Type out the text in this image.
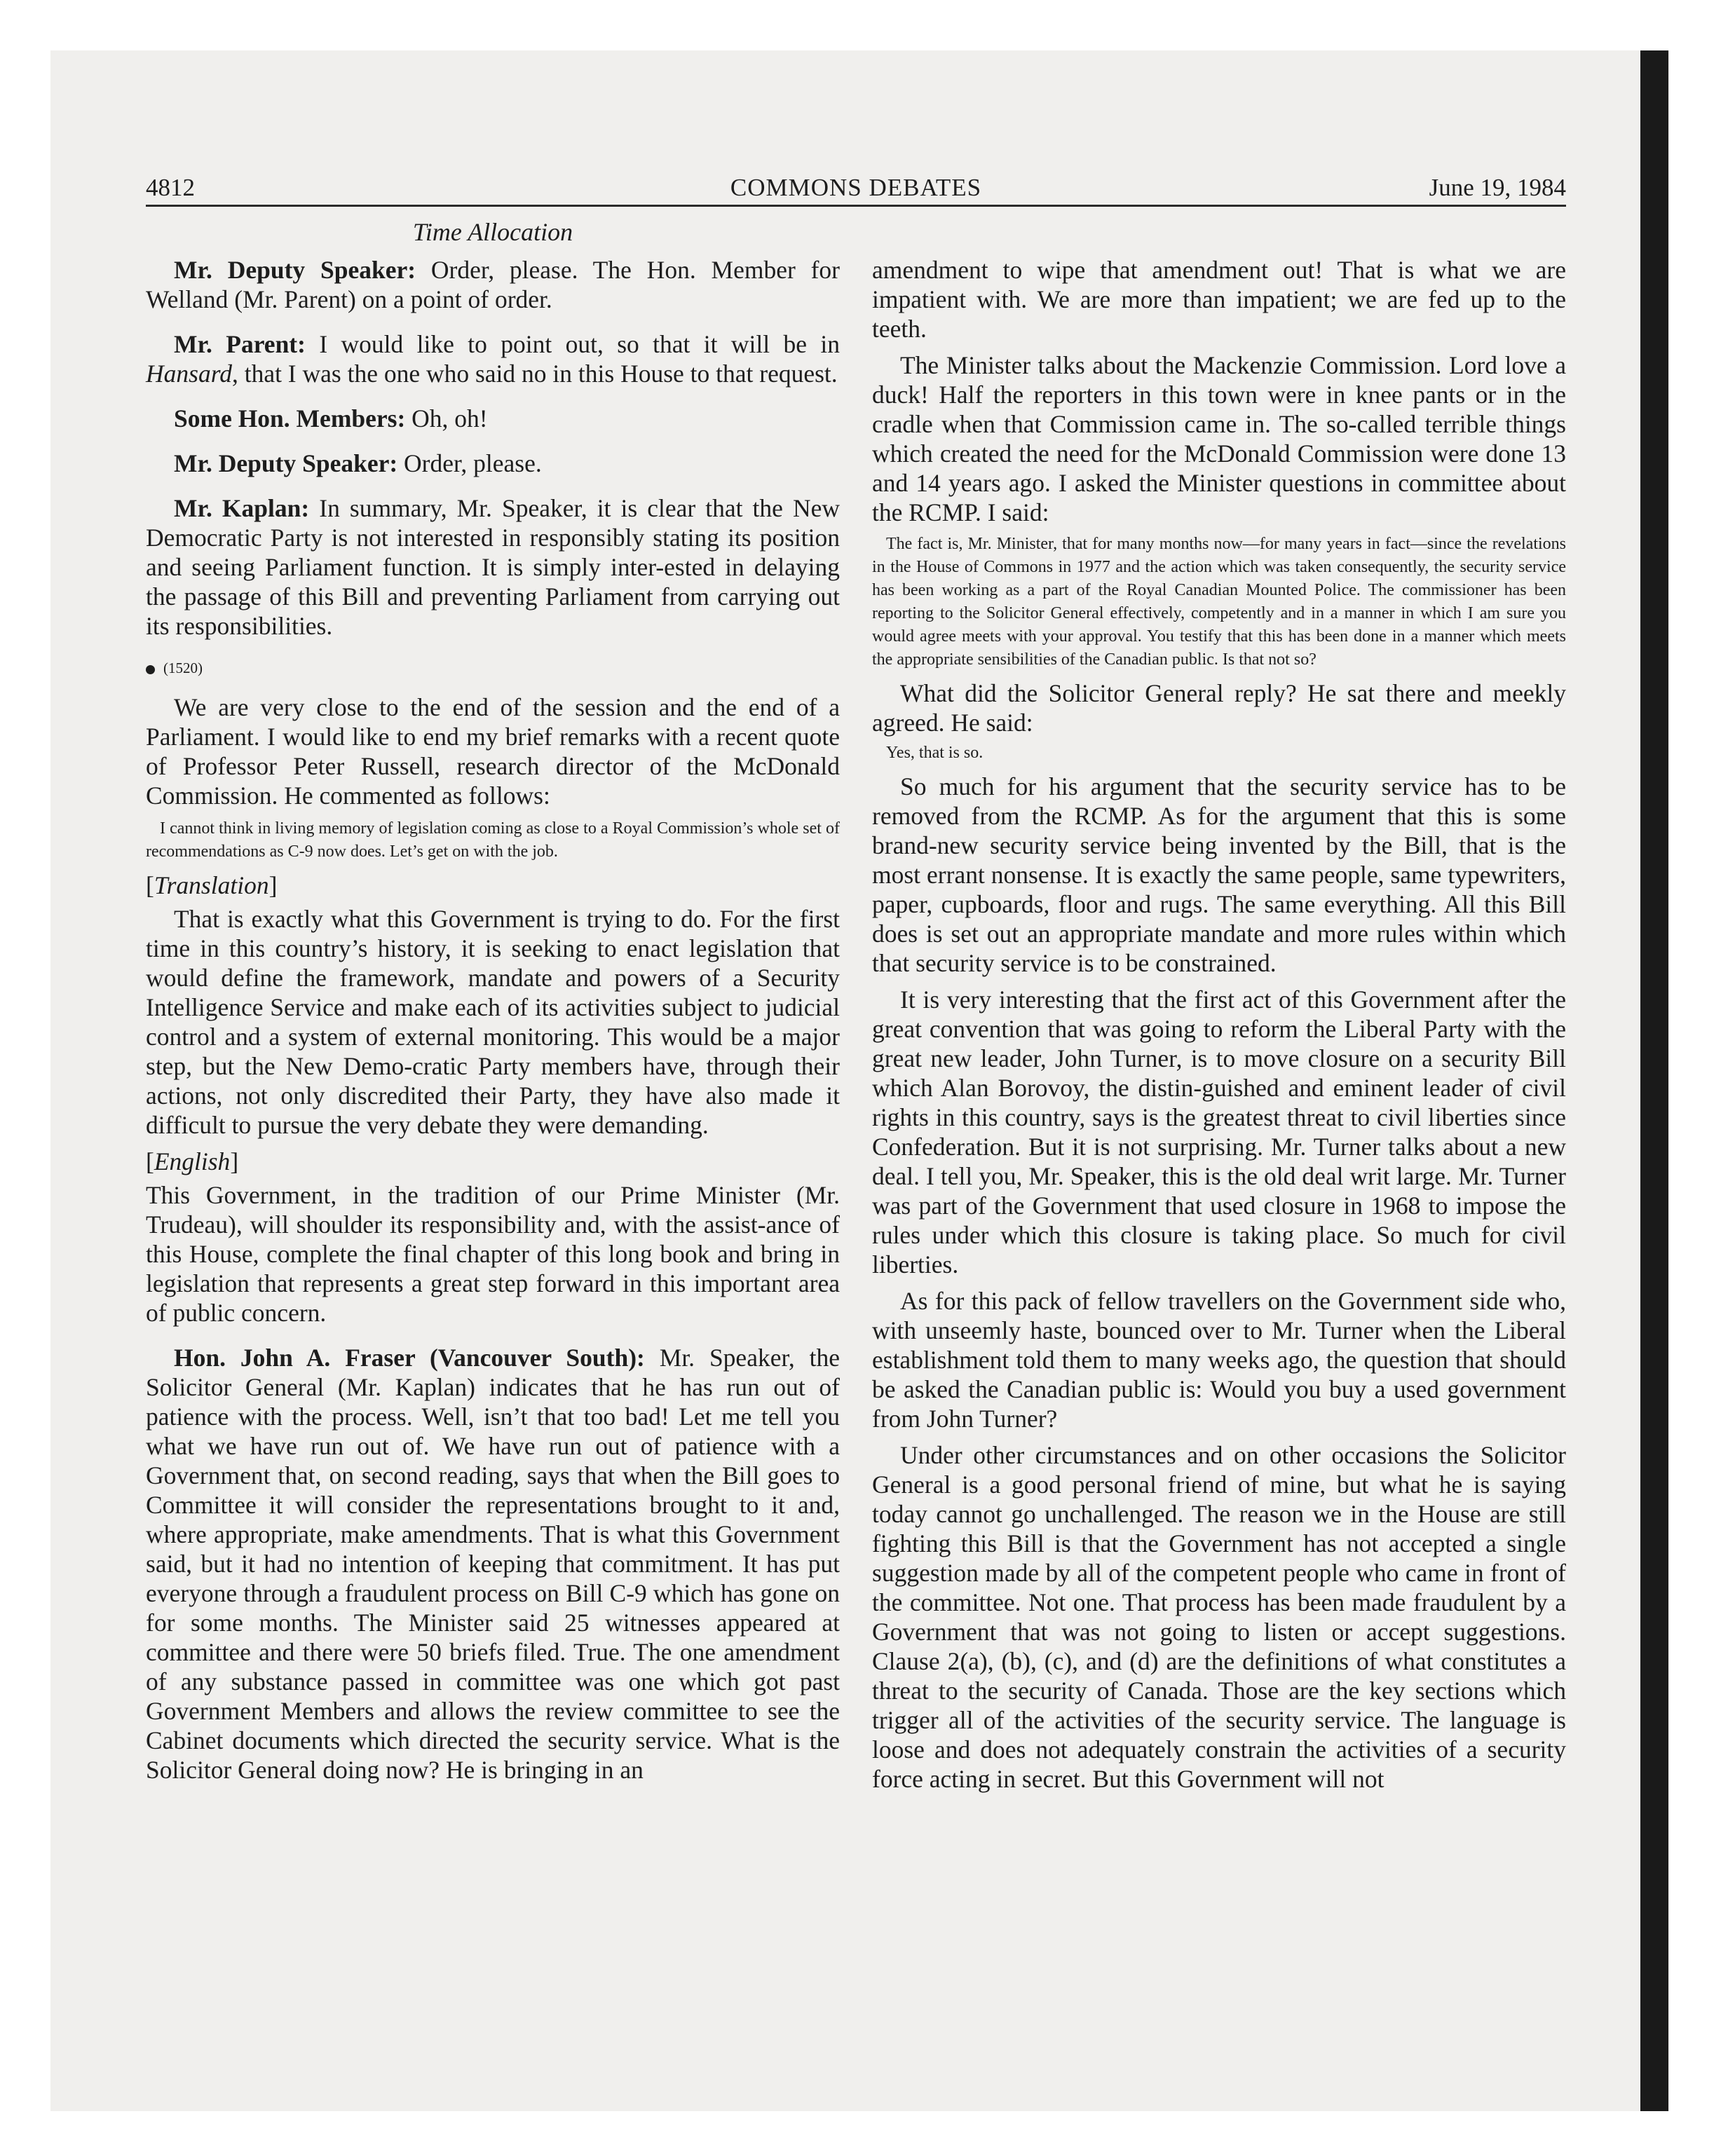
4812	COMMONS DEBATES	June 19, 1984
Time Allocation

Mr. Deputy Speaker: Order, please. The Hon. Member for Welland (Mr. Parent) on a point of order.

Mr. Parent: I would like to point out, so that it will be in Hansard, that I was the one who said no in this House to that request.

Some Hon. Members: Oh, oh!

Mr. Deputy Speaker: Order, please.

Mr. Kaplan: In summary, Mr. Speaker, it is clear that the New Democratic Party is not interested in responsibly stating its position and seeing Parliament function. It is simply inter-ested in delaying the passage of this Bill and preventing Parliament from carrying out its responsibilities.

(1520)

We are very close to the end of the session and the end of a Parliament. I would like to end my brief remarks with a recent quote of Professor Peter Russell, research director of the McDonald Commission. He commented as follows:

I cannot think in living memory of legislation coming as close to a Royal Commission’s whole set of recommendations as C-9 now does. Let’s get on with the job.

[Translation]

That is exactly what this Government is trying to do. For the first time in this country’s history, it is seeking to enact legislation that would define the framework, mandate and powers of a Security Intelligence Service and make each of its activities subject to judicial control and a system of external monitoring. This would be a major step, but the New Demo-cratic Party members have, through their actions, not only discredited their Party, they have also made it difficult to pursue the very debate they were demanding.

[English]

This Government, in the tradition of our Prime Minister (Mr. Trudeau), will shoulder its responsibility and, with the assist-ance of this House, complete the final chapter of this long book and bring in legislation that represents a great step forward in this important area of public concern.

Hon. John A. Fraser (Vancouver South): Mr. Speaker, the Solicitor General (Mr. Kaplan) indicates that he has run out of patience with the process. Well, isn’t that too bad! Let me tell you what we have run out of. We have run out of patience with a Government that, on second reading, says that when the Bill goes to Committee it will consider the representations brought to it and, where appropriate, make amendments. That is what this Government said, but it had no intention of keeping that commitment. It has put everyone through a fraudulent process on Bill C-9 which has gone on for some months. The Minister said 25 witnesses appeared at committee and there were 50 briefs filed. True. The one amendment of any substance passed in committee was one which got past Government Members and allows the review committee to see the Cabinet documents which directed the security service. What is the Solicitor General doing now? He is bringing in an

amendment to wipe that amendment out! That is what we are impatient with. We are more than impatient; we are fed up to the teeth.

The Minister talks about the Mackenzie Commission. Lord love a duck! Half the reporters in this town were in knee pants or in the cradle when that Commission came in. The so-called terrible things which created the need for the McDonald Commission were done 13 and 14 years ago. I asked the Minister questions in committee about the RCMP. I said:

The fact is, Mr. Minister, that for many months now—for many years in fact—since the revelations in the House of Commons in 1977 and the action which was taken consequently, the security service has been working as a part of the Royal Canadian Mounted Police. The commissioner has been reporting to the Solicitor General effectively, competently and in a manner in which I am sure you would agree meets with your approval. You testify that this has been done in a manner which meets the appropriate sensibilities of the Canadian public. Is that not so?

What did the Solicitor General reply? He sat there and meekly agreed. He said:

Yes, that is so.

So much for his argument that the security service has to be removed from the RCMP. As for the argument that this is some brand-new security service being invented by the Bill, that is the most errant nonsense. It is exactly the same people, same typewriters, paper, cupboards, floor and rugs. The same everything. All this Bill does is set out an appropriate mandate and more rules within which that security service is to be constrained.

It is very interesting that the first act of this Government after the great convention that was going to reform the Liberal Party with the great new leader, John Turner, is to move closure on a security Bill which Alan Borovoy, the distin-guished and eminent leader of civil rights in this country, says is the greatest threat to civil liberties since Confederation. But it is not surprising. Mr. Turner talks about a new deal. I tell you, Mr. Speaker, this is the old deal writ large. Mr. Turner was part of the Government that used closure in 1968 to impose the rules under which this closure is taking place. So much for civil liberties.

As for this pack of fellow travellers on the Government side who, with unseemly haste, bounced over to Mr. Turner when the Liberal establishment told them to many weeks ago, the question that should be asked the Canadian public is: Would you buy a used government from John Turner?

Under other circumstances and on other occasions the Solicitor General is a good personal friend of mine, but what he is saying today cannot go unchallenged. The reason we in the House are still fighting this Bill is that the Government has not accepted a single suggestion made by all of the competent people who came in front of the committee. Not one. That process has been made fraudulent by a Government that was not going to listen or accept suggestions. Clause 2(a), (b), (c), and (d) are the definitions of what constitutes a threat to the security of Canada. Those are the key sections which trigger all of the activities of the security service. The language is loose and does not adequately constrain the activities of a security force acting in secret. But this Government will not
